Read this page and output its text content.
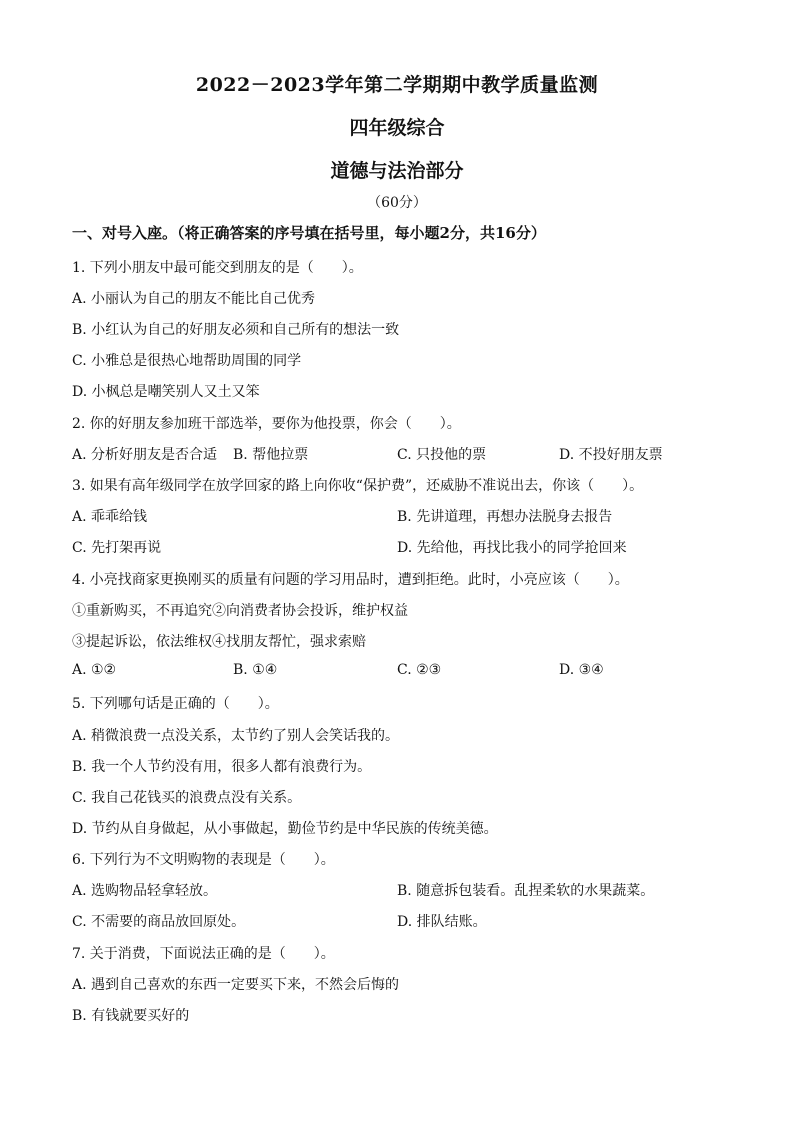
2022－2023学年第二学期期中教学质量监测
四年级综合
道德与法治部分
（60分）
一、对号入座。（将正确答案的序号填在括号里，每小题2分，共16分）
1. 下列小朋友中最可能交到朋友的是（　　）。
A. 小丽认为自己的朋友不能比自己优秀
B. 小红认为自己的好朋友必须和自己所有的想法一致
C. 小雅总是很热心地帮助周围的同学
D. 小枫总是嘲笑别人又土又笨
2. 你的好朋友参加班干部选举，要你为他投票，你会（　　）。
A. 分析好朋友是否合适 B. 帮他拉票	C. 只投他的票	D. 不投好朋友票
3. 如果有高年级同学在放学回家的路上向你收“保护费”，还威胁不准说出去，你该（　　）。
A. 乖乖给钱	B. 先讲道理，再想办法脱身去报告
C. 先打架再说	D. 先给他，再找比我小的同学抢回来
4. 小亮找商家更换刚买的质量有问题的学习用品时，遭到拒绝。此时，小亮应该（　　）。
①重新购买，不再追究②向消费者协会投诉，维护权益
③提起诉讼，依法维权④找朋友帮忙，强求索赔
A. ①②	B. ①④	C. ②③	D. ③④
5. 下列哪句话是正确的（　　）。
A. 稍微浪费一点没关系，太节约了别人会笑话我的。
B. 我一个人节约没有用，很多人都有浪费行为。
C. 我自己花钱买的浪费点没有关系。
D. 节约从自身做起，从小事做起，勤俭节约是中华民族的传统美德。
6. 下列行为不文明购物的表现是（　　）。
A. 选购物品轻拿轻放。	B. 随意拆包装看。乱捏柔软的水果蔬菜。
C. 不需要的商品放回原处。	D. 排队结账。
7. 关于消费，下面说法正确的是（　　）。
A. 遇到自己喜欢的东西一定要买下来，不然会后悔的
B. 有钱就要买好的
